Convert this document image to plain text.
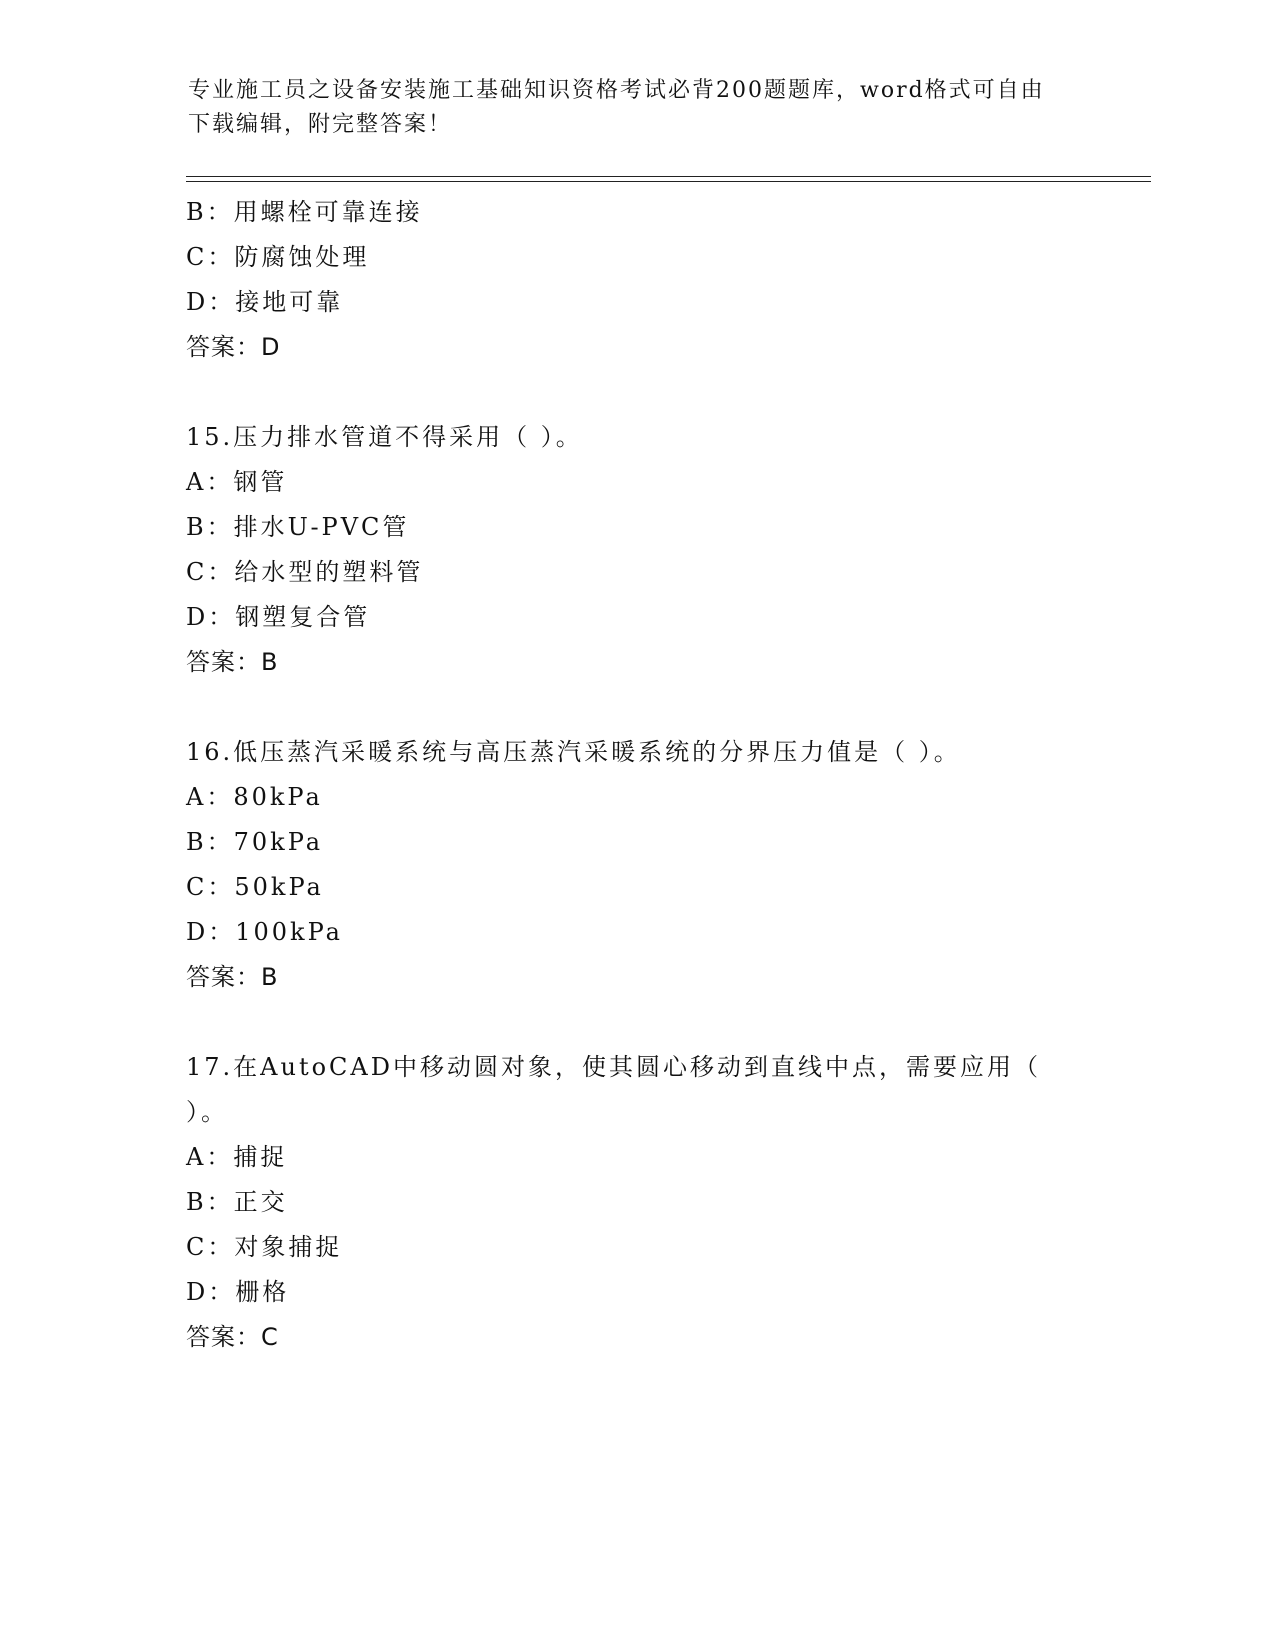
专业施工员之设备安装施工基础知识资格考试必背200题题库，word格式可自由
下载编辑，附完整答案！
B：用螺栓可靠连接
C：防腐蚀处理
D：接地可靠
答案：D
15.压力排水管道不得采用（ ）。
A：钢管
B：排水U-PVC管
C：给水型的塑料管
D：钢塑复合管
答案：B
16.低压蒸汽采暖系统与高压蒸汽采暖系统的分界压力值是（ ）。
A：80kPa
B：70kPa
C：50kPa
D：100kPa
答案：B
17.在AutoCAD中移动圆对象，使其圆心移动到直线中点，需要应用（
）。
A：捕捉
B：正交
C：对象捕捉
D：栅格
答案：C
